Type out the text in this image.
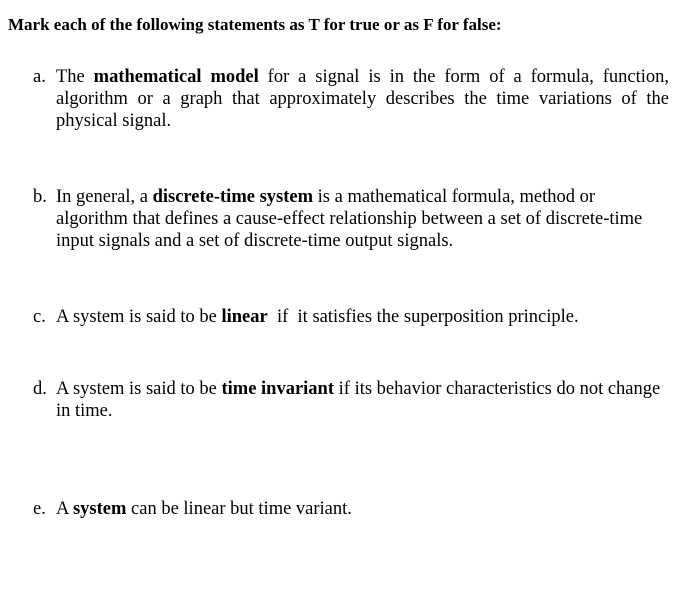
Mark each of the following statements as T for true or as F for false:
a. The mathematical model for a signal is in the form of a formula, function, algorithm or a graph that approximately describes the time variations of the physical signal.
b. In general, a discrete-time system is a mathematical formula, method or algorithm that defines a cause-effect relationship between a set of discrete-time input signals and a set of discrete-time output signals.
c. A system is said to be linear  if  it satisfies the superposition principle.
d. A system is said to be time invariant if its behavior characteristics do not change in time.
e. A system can be linear but time variant.
